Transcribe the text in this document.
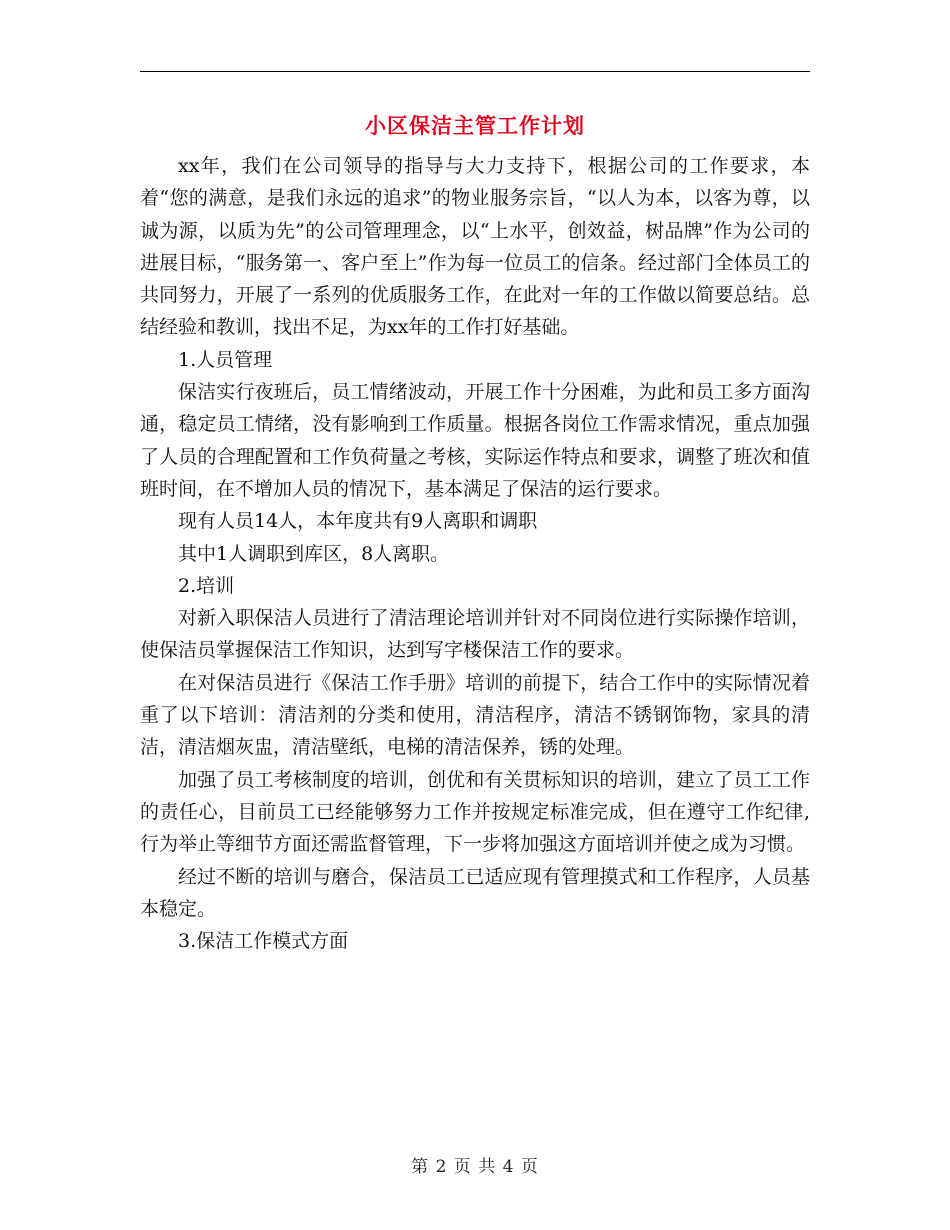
小区保洁主管工作计划

xx年，我们在公司领导的指导与大力支持下，根据公司的工作要求，本着“您的满意，是我们永远的追求”的物业服务宗旨，“以人为本，以客为尊，以诚为源，以质为先”的公司管理理念，以“上水平，创效益，树品牌”作为公司的进展目标，“服务第一、客户至上”作为每一位员工的信条。经过部门全体员工的共同努力，开展了一系列的优质服务工作，在此对一年的工作做以简要总结。总结经验和教训，找出不足，为xx年的工作打好基础。

1.人员管理

保洁实行夜班后，员工情绪波动，开展工作十分困难，为此和员工多方面沟通，稳定员工情绪，没有影响到工作质量。根据各岗位工作需求情况，重点加强了人员的合理配置和工作负荷量之考核，实际运作特点和要求，调整了班次和值班时间，在不增加人员的情况下，基本满足了保洁的运行要求。

现有人员14人，本年度共有9人离职和调职

其中1人调职到库区，8人离职。

2.培训

对新入职保洁人员进行了清洁理论培训并针对不同岗位进行实际操作培训，使保洁员掌握保洁工作知识，达到写字楼保洁工作的要求。

在对保洁员进行《保洁工作手册》培训的前提下，结合工作中的实际情况着重了以下培训：清洁剂的分类和使用，清洁程序，清洁不锈钢饰物，家具的清洁，清洁烟灰盅，清洁壁纸，电梯的清洁保养，锈的处理。

加强了员工考核制度的培训，创优和有关贯标知识的培训，建立了员工工作的责任心，目前员工已经能够努力工作并按规定标准完成，但在遵守工作纪律,行为举止等细节方面还需监督管理，下一步将加强这方面培训并使之成为习惯。

经过不断的培训与磨合，保洁员工已适应现有管理摸式和工作程序，人员基本稳定。

3.保洁工作模式方面

第 2 页 共 4 页
